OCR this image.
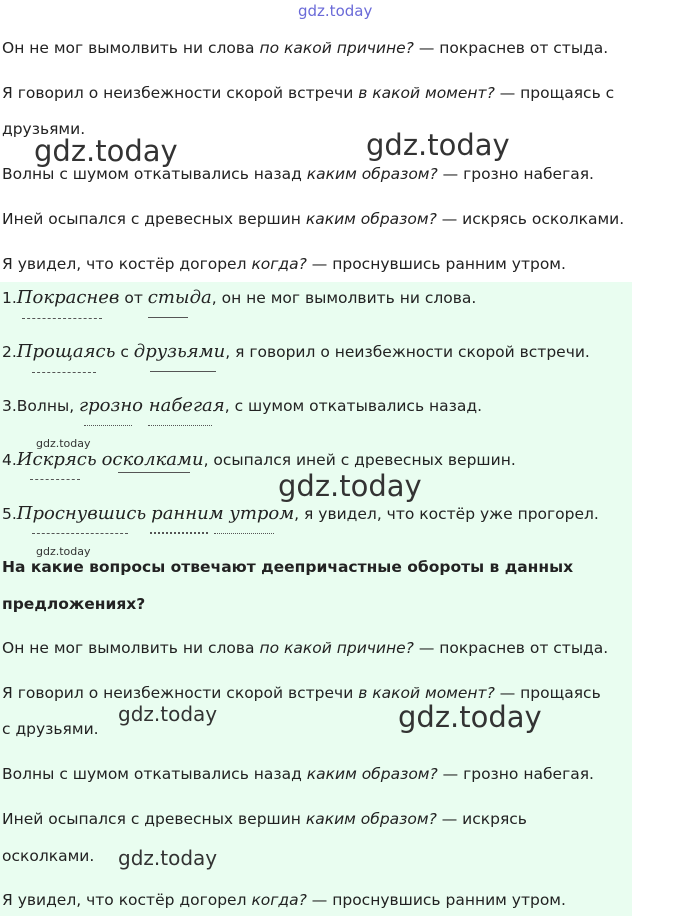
gdz.today
gdz.today	gdz.today
gdz.today
gdz.today
gdz.today
gdz.today	gdz.today
gdz.today
Он не мог вымолвить ни слова по какой причине? — покраснев от стыда.
Я говорил о неизбежности скорой встречи в какой момент? — прощаясь с
друзьями.
Волны с шумом откатывались назад каким образом? — грозно набегая.
Иней осыпался с древесных вершин каким образом? — искрясь осколками.
Я увидел, что костёр догорел когда? — проснувшись ранним утром.
1.Покраснев от стыда, он не мог вымолвить ни слова.
2.Прощаясь с друзьями, я говорил о неизбежности скорой встречи.
3.Волны, грозно набегая, с шумом откатывались назад.
4.Искрясь осколками, осыпался иней с древесных вершин.
5.Проснувшись ранним утром, я увидел, что костёр уже прогорел.
На какие вопросы отвечают деепричастные обороты в данных
предложениях?
Он не мог вымолвить ни слова по какой причине? — покраснев от стыда.
Я говорил о неизбежности скорой встречи в какой момент? — прощаясь
с друзьями.
Волны с шумом откатывались назад каким образом? — грозно набегая.
Иней осыпался с древесных вершин каким образом? — искрясь
осколками.
Я увидел, что костёр догорел когда? — проснувшись ранним утром.
